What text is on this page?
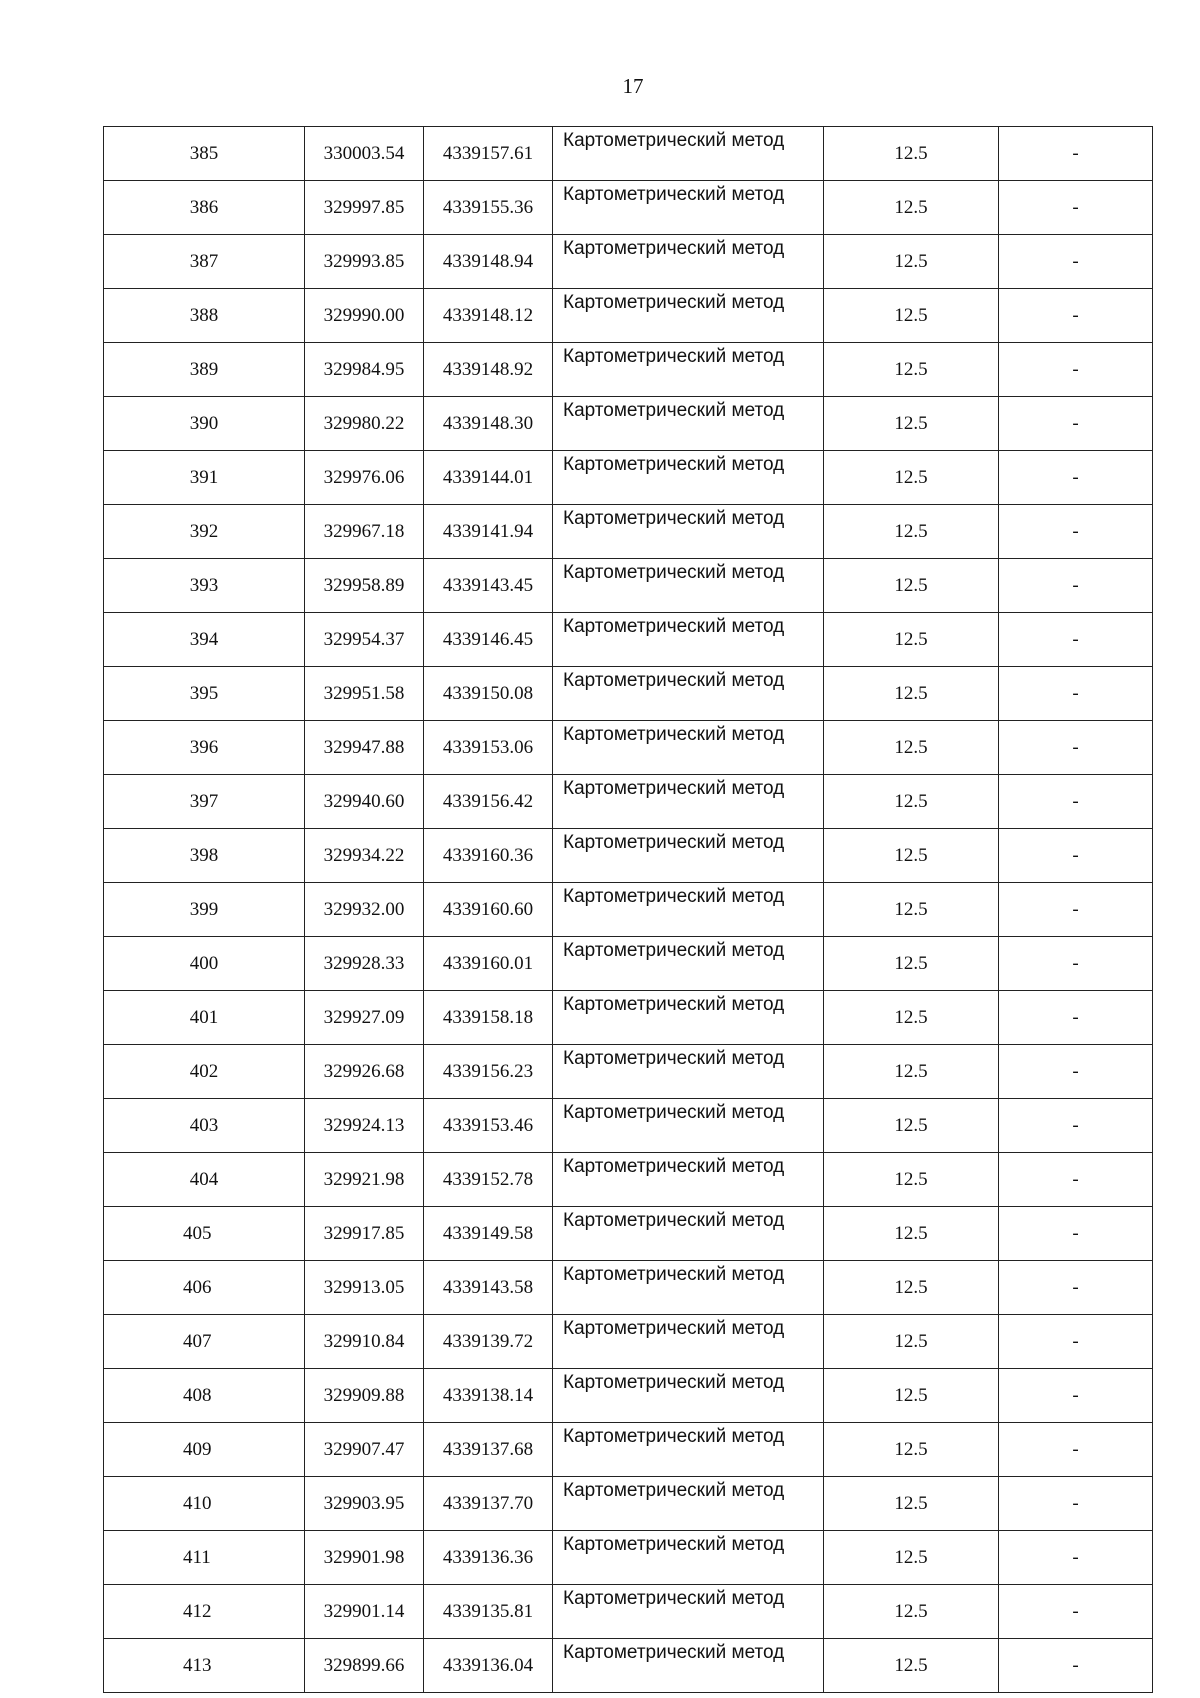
17
385	330003.54	4339157.61	Картометрический метод	12.5	-
386	329997.85	4339155.36	Картометрический метод	12.5	-
387	329993.85	4339148.94	Картометрический метод	12.5	-
388	329990.00	4339148.12	Картометрический метод	12.5	-
389	329984.95	4339148.92	Картометрический метод	12.5	-
390	329980.22	4339148.30	Картометрический метод	12.5	-
391	329976.06	4339144.01	Картометрический метод	12.5	-
392	329967.18	4339141.94	Картометрический метод	12.5	-
393	329958.89	4339143.45	Картометрический метод	12.5	-
394	329954.37	4339146.45	Картометрический метод	12.5	-
395	329951.58	4339150.08	Картометрический метод	12.5	-
396	329947.88	4339153.06	Картометрический метод	12.5	-
397	329940.60	4339156.42	Картометрический метод	12.5	-
398	329934.22	4339160.36	Картометрический метод	12.5	-
399	329932.00	4339160.60	Картометрический метод	12.5	-
400	329928.33	4339160.01	Картометрический метод	12.5	-
401	329927.09	4339158.18	Картометрический метод	12.5	-
402	329926.68	4339156.23	Картометрический метод	12.5	-
403	329924.13	4339153.46	Картометрический метод	12.5	-
404	329921.98	4339152.78	Картометрический метод	12.5	-
405	329917.85	4339149.58	Картометрический метод	12.5	-
406	329913.05	4339143.58	Картометрический метод	12.5	-
407	329910.84	4339139.72	Картометрический метод	12.5	-
408	329909.88	4339138.14	Картометрический метод	12.5	-
409	329907.47	4339137.68	Картометрический метод	12.5	-
410	329903.95	4339137.70	Картометрический метод	12.5	-
411	329901.98	4339136.36	Картометрический метод	12.5	-
412	329901.14	4339135.81	Картометрический метод	12.5	-
413	329899.66	4339136.04	Картометрический метод	12.5	-
